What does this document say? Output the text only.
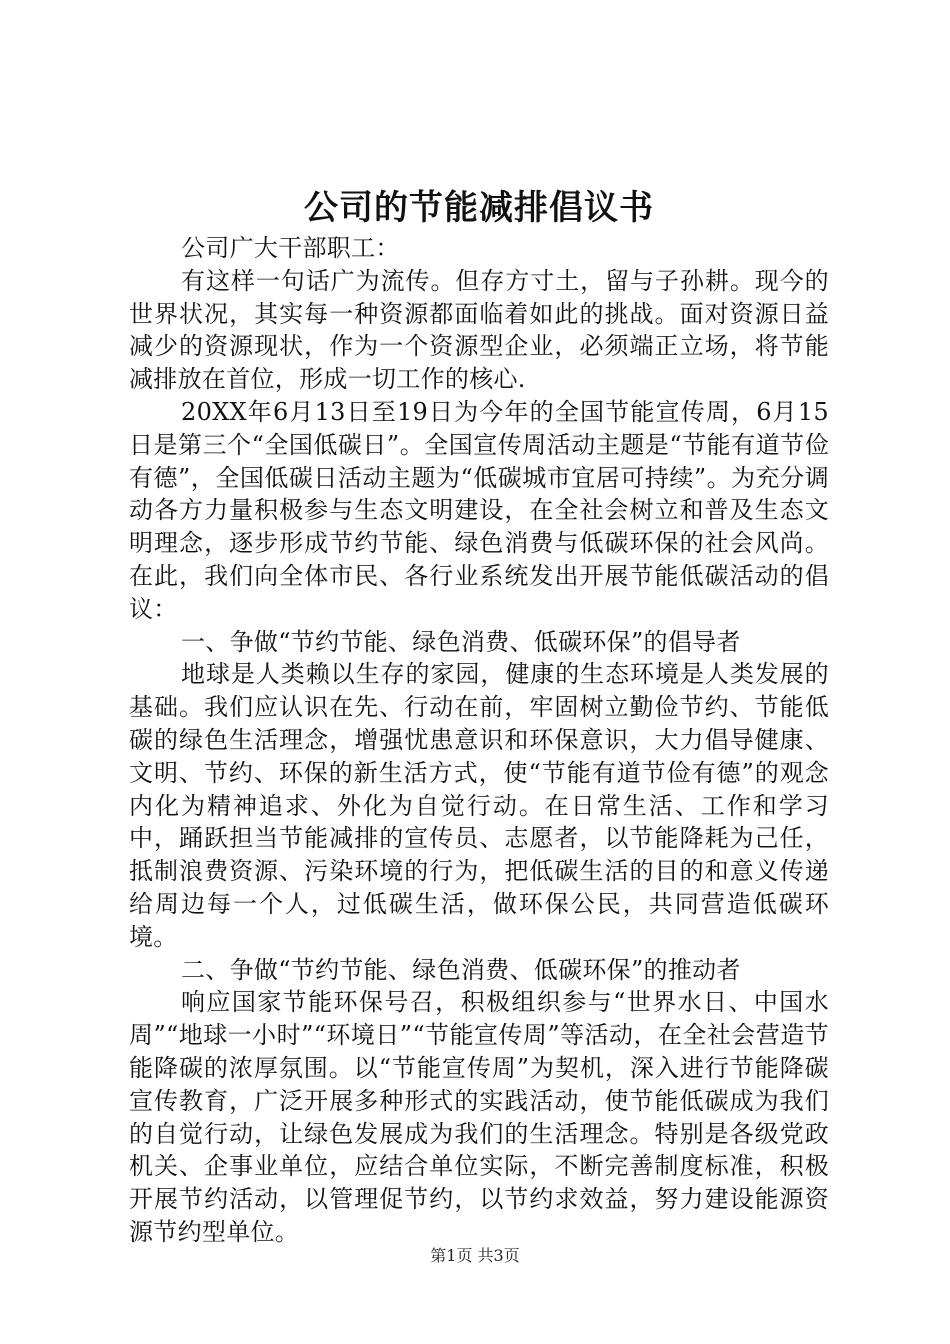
公司的节能减排倡议书

公司广大干部职工：

有这样一句话广为流传。但存方寸土，留与子孙耕。现今的世界状况，其实每一种资源都面临着如此的挑战。面对资源日益减少的资源现状，作为一个资源型企业，必须端正立场，将节能减排放在首位，形成一切工作的核心.

20XX年6月13日至19日为今年的全国节能宣传周，6月15日是第三个“全国低碳日”。全国宣传周活动主题是“节能有道节俭有德”，全国低碳日活动主题为“低碳城市宜居可持续”。为充分调动各方力量积极参与生态文明建设，在全社会树立和普及生态文明理念，逐步形成节约节能、绿色消费与低碳环保的社会风尚。在此，我们向全体市民、各行业系统发出开展节能低碳活动的倡议：

一、争做“节约节能、绿色消费、低碳环保”的倡导者

地球是人类赖以生存的家园，健康的生态环境是人类发展的基础。我们应认识在先、行动在前，牢固树立勤俭节约、节能低碳的绿色生活理念，增强忧患意识和环保意识，大力倡导健康、文明、节约、环保的新生活方式，使“节能有道节俭有德”的观念内化为精神追求、外化为自觉行动。在日常生活、工作和学习中，踊跃担当节能减排的宣传员、志愿者，以节能降耗为己任，抵制浪费资源、污染环境的行为，把低碳生活的目的和意义传递给周边每一个人，过低碳生活，做环保公民，共同营造低碳环境。

二、争做“节约节能、绿色消费、低碳环保”的推动者

响应国家节能环保号召，积极组织参与“世界水日、中国水周”“地球一小时”“环境日”“节能宣传周”等活动，在全社会营造节能降碳的浓厚氛围。以“节能宣传周”为契机，深入进行节能降碳宣传教育，广泛开展多种形式的实践活动，使节能低碳成为我们的自觉行动，让绿色发展成为我们的生活理念。特别是各级党政机关、企事业单位，应结合单位实际，不断完善制度标准，积极开展节约活动，以管理促节约，以节约求效益，努力建设能源资源节约型单位。

第1页 共3页
